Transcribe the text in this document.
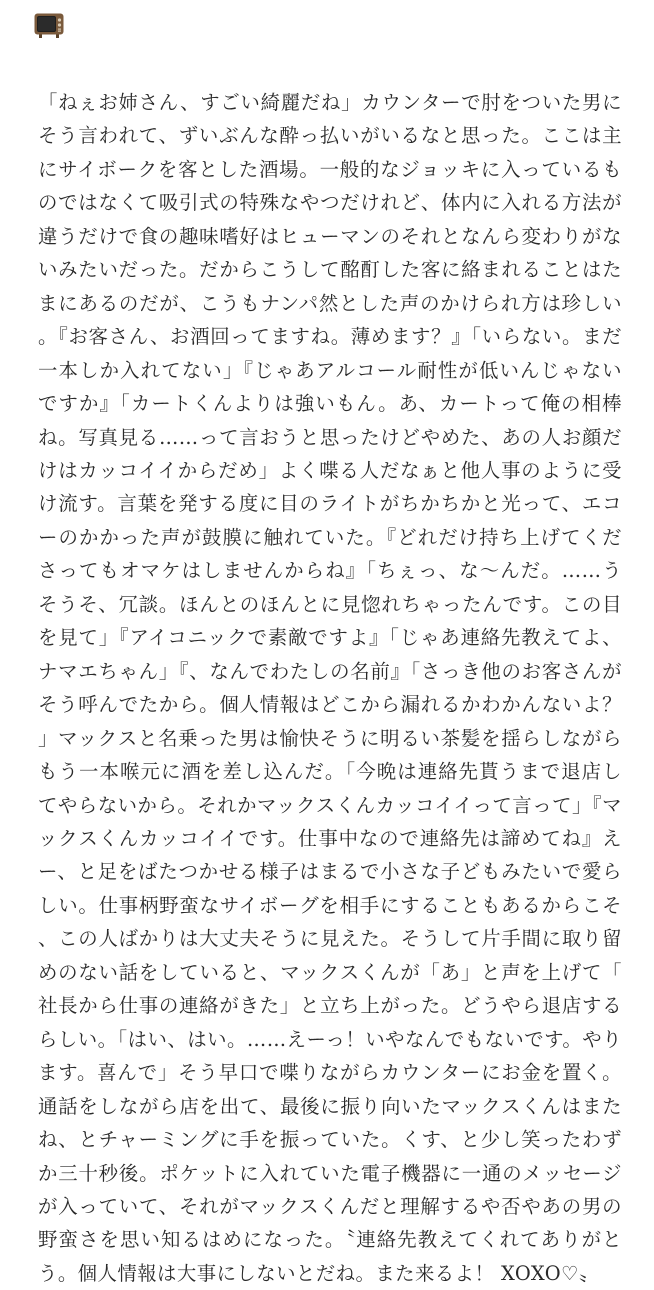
「ねぇお姉さん、すごい綺麗だね」カウンターで肘をついた男にそう言われて、ずいぶんな酔っ払いがいるなと思った。ここは主にサイボークを客とした酒場。一般的なジョッキに入っているものではなくて吸引式の特殊なやつだけれど、体内に入れる方法が違うだけで食の趣味嗜好はヒューマンのそれとなんら変わりがないみたいだった。だからこうして酩酊した客に絡まれることはたまにあるのだが、こうもナンパ然とした声のかけられ方は珍しい。『お客さん、お酒回ってますね。薄めます？』「いらない。まだ一本しか入れてない」『じゃあアルコール耐性が低いんじゃないですか』「カートくんよりは強いもん。あ、カートって俺の相棒ね。写真見る……って言おうと思ったけどやめた、あの人お顔だけはカッコイイからだめ」よく喋る人だなぁと他人事のように受け流す。言葉を発する度に目のライトがちかちかと光って、エコーのかかった声が鼓膜に触れていた。『どれだけ持ち上げてくださってもオマケはしませんからね』「ちぇっ、な〜んだ。……うそうそ、冗談。ほんとのほんとに見惚れちゃったんです。この目を見て」『アイコニックで素敵ですよ』「じゃあ連絡先教えてよ、ナマエちゃん」『、なんでわたしの名前』「さっき他のお客さんがそう呼んでたから。個人情報はどこから漏れるかわかんないよ？」マックスと名乗った男は愉快そうに明るい茶髪を揺らしながらもう一本喉元に酒を差し込んだ。「今晩は連絡先貰うまで退店してやらないから。それかマックスくんカッコイイって言って」『マックスくんカッコイイです。仕事中なので連絡先は諦めてね』えー、と足をばたつかせる様子はまるで小さな子どもみたいで愛らしい。仕事柄野蛮なサイボーグを相手にすることもあるからこそ、この人ばかりは大丈夫そうに見えた。そうして片手間に取り留めのない話をしていると、マックスくんが「あ」と声を上げて「社長から仕事の連絡がきた」と立ち上がった。どうやら退店するらしい。「はい、はい。……えーっ！いやなんでもないです。やります。喜んで」そう早口で喋りながらカウンターにお金を置く。通話をしながら店を出て、最後に振り向いたマックスくんはまたね、とチャーミングに手を振っていた。くす、と少し笑ったわずか三十秒後。ポケットに入れていた電子機器に一通のメッセージが入っていて、それがマックスくんだと理解するや否やあの男の野蛮さを思い知るはめになった。〝連絡先教えてくれてありがとう。個人情報は大事にしないとだね。また来るよ！ XOXO♡〟
